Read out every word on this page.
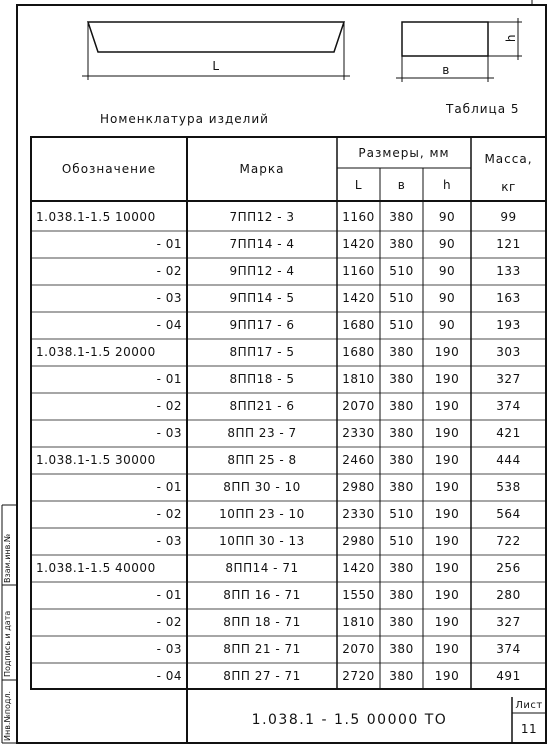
L	в
h
Номенклатура изделий
Таблица 5
Обозначение	Марка
Размеры, мм
L	в	h
Масса,
кг
1.038.1-1.5 10000	7ПП12 - 3	1160	380	90	99
- 01	7ПП14 - 4	1420	380	90	121
- 02	9ПП12 - 4	1160	510	90	133
- 03	9ПП14 - 5	1420	510	90	163
- 04	9ПП17 - 6	1680	510	90	193
1.038.1-1.5 20000	8ПП17 - 5	1680	380	190	303
- 01	8ПП18 - 5	1810	380	190	327
- 02	8ПП21 - 6	2070	380	190	374
- 03	8ПП 23 - 7	2330	380	190	421
1.038.1-1.5 30000	8ПП 25 - 8	2460	380	190	444
- 01	8ПП 30 - 10	2980	380	190	538
- 02	10ПП 23 - 10	2330	510	190	564
- 03	10ПП 30 - 13	2980	510	190	722
1.038.1-1.5 40000	8ПП14 - 71	1420	380	190	256
- 01	8ПП 16 - 71	1550	380	190	280
- 02	8ПП 18 - 71	1810	380	190	327
- 03	8ПП 21 - 71	2070	380	190	374
- 04	8ПП 27 - 71	2720	380	190	491
1.038.1 - 1.5 00000 ТО
Лист
11
Инв.№подл.
Подпись и дата
Взам.инв.№
